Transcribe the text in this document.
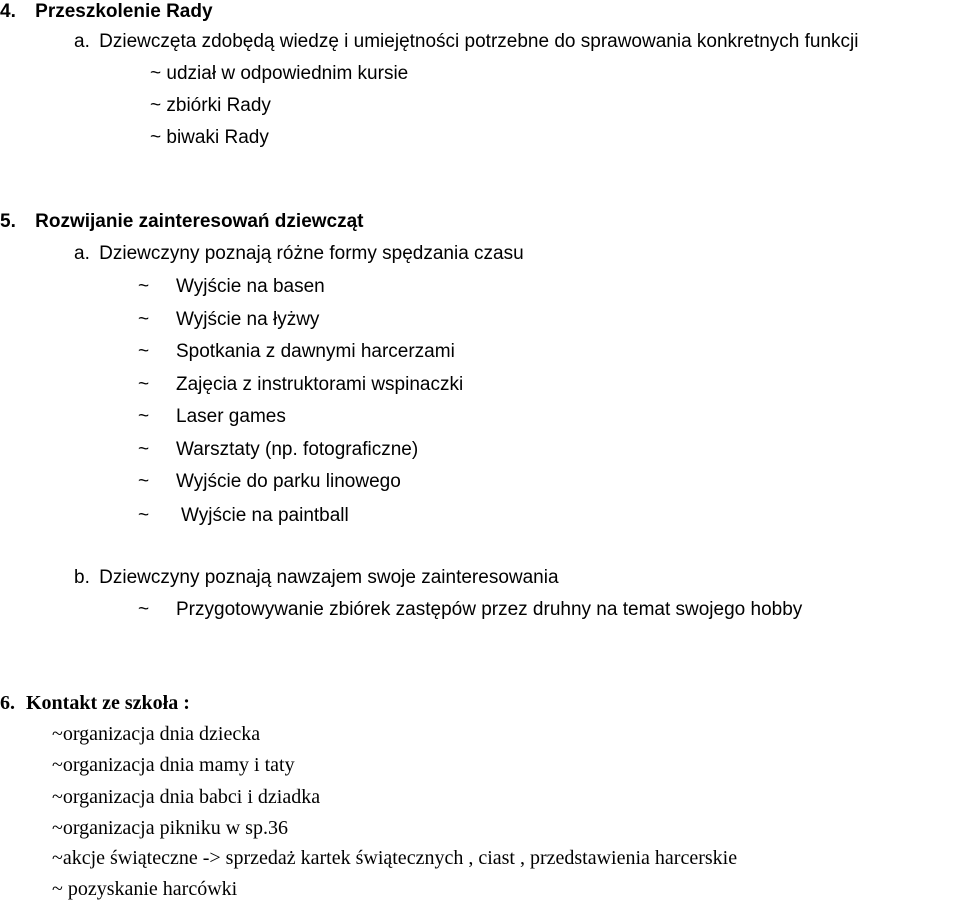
4. Przeszkolenie Rady
a. Dziewczęta zdobędą wiedzę i umiejętności potrzebne do sprawowania konkretnych funkcji
~ udział w odpowiednim kursie
~ zbiórki Rady
~ biwaki Rady
5. Rozwijanie zainteresowań dziewcząt
a. Dziewczyny poznają różne formy spędzania czasu
~ Wyjście na basen
~ Wyjście na łyżwy
~ Spotkania z dawnymi harcerzami
~ Zajęcia z instruktorami wspinaczki
~ Laser games
~ Warsztaty (np. fotograficzne)
~ Wyjście do parku linowego
~ Wyjście na paintball
b. Dziewczyny poznają nawzajem swoje zainteresowania
~ Przygotowywanie zbiórek zastępów przez druhny na temat swojego hobby
6. Kontakt ze szkoła :
~organizacja dnia dziecka
~organizacja dnia mamy i taty
~organizacja dnia babci i dziadka
~organizacja pikniku w sp.36
~akcje świąteczne -> sprzedaż kartek świątecznych , ciast , przedstawienia harcerskie
~ pozyskanie harcówki
